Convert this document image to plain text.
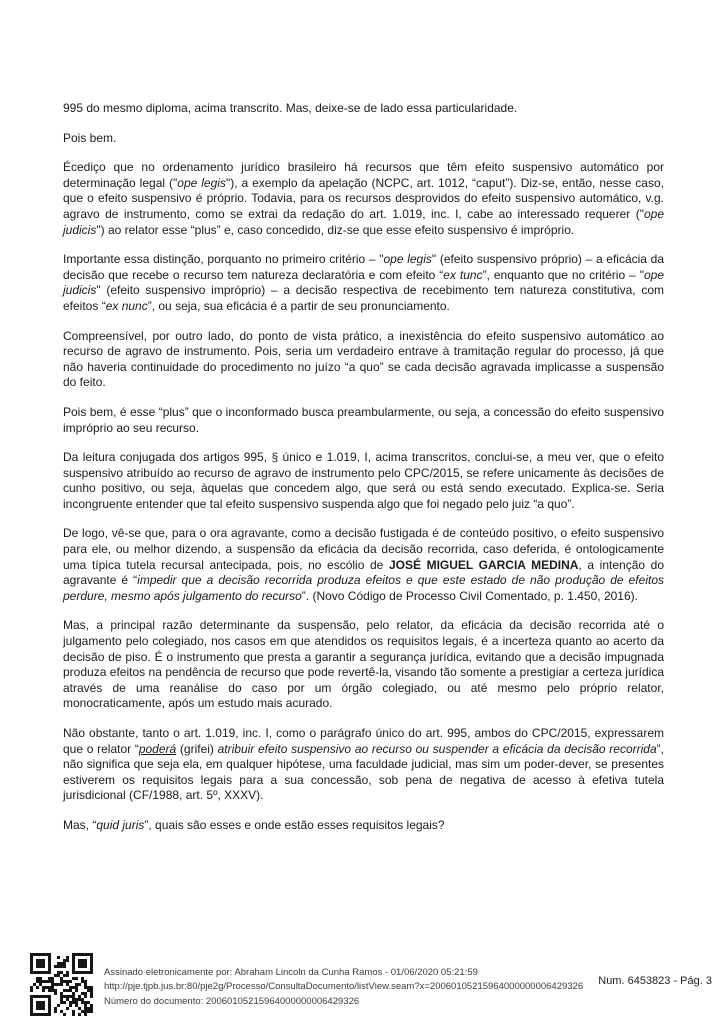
995 do mesmo diploma, acima transcrito. Mas, deixe-se de lado essa particularidade.

Pois bem.

Écediço que no ordenamento jurídico brasileiro há recursos que têm efeito suspensivo automático por determinação legal ("ope legis"), a exemplo da apelação (NCPC, art. 1012, “caput”). Diz-se, então, nesse caso, que o efeito suspensivo é próprio. Todavia, para os recursos desprovidos do efeito suspensivo automático, v.g. agravo de instrumento, como se extrai da redação do art. 1.019, inc. I, cabe ao interessado requerer ("ope judicis") ao relator esse “plus” e, caso concedido, diz-se que esse efeito suspensivo é impróprio.

Importante essa distinção, porquanto no primeiro critério – "ope legis" (efeito suspensivo próprio) – a eficácia da decisão que recebe o recurso tem natureza declaratória e com efeito “ex tunc”, enquanto que no critério – "ope judicis" (efeito suspensivo impróprio) – a decisão respectiva de recebimento tem natureza constitutiva, com efeitos “ex nunc”, ou seja, sua eficácia é a partir de seu pronunciamento.

Compreensível, por outro lado, do ponto de vista prático, a inexistência do efeito suspensivo automático ao recurso de agravo de instrumento. Pois, seria um verdadeiro entrave à tramitação regular do processo, já que não haveria continuidade do procedimento no juízo “a quo” se cada decisão agravada implicasse a suspensão do feito.

Pois bem, é esse “plus” que o inconformado busca preambularmente, ou seja, a concessão do efeito suspensivo impróprio ao seu recurso.

Da leitura conjugada dos artigos 995, § único e 1.019, I, acima transcritos, conclui-se, a meu ver, que o efeito suspensivo atribuído ao recurso de agravo de instrumento pelo CPC/2015, se refere unicamente às decisões de cunho positivo, ou seja, àquelas que concedem algo, que será ou está sendo executado. Explica-se. Seria incongruente entender que tal efeito suspensivo suspenda algo que foi negado pelo juiz “a quo”.

De logo, vê-se que, para o ora agravante, como a decisão fustigada é de conteúdo positivo, o efeito suspensivo para ele, ou melhor dizendo, a suspensão da eficácia da decisão recorrida, caso deferida, é ontologicamente uma típica tutela recursal antecipada, pois, no escólio de JOSÉ MIGUEL GARCIA MEDINA, a intenção do agravante é “impedir que a decisão recorrida produza efeitos e que este estado de não produção de efeitos perdure, mesmo após julgamento do recurso”. (Novo Código de Processo Civil Comentado, p. 1.450, 2016).

Mas, a principal razão determinante da suspensão, pelo relator, da eficácia da decisão recorrida até o julgamento pelo colegiado, nos casos em que atendidos os requisitos legais, é a incerteza quanto ao acerto da decisão de piso. É o instrumento que presta a garantir a segurança jurídica, evitando que a decisão impugnada produza efeitos na pendência de recurso que pode revertê-la, visando tão somente a prestigiar a certeza jurídica através de uma reanálise do caso por um órgão colegiado, ou até mesmo pelo próprio relator, monocraticamente, após um estudo mais acurado.

Não obstante, tanto o art. 1.019, inc. I, como o parágrafo único do art. 995, ambos do CPC/2015, expressarem que o relator “poderá (grifei) atribuir efeito suspensivo ao recurso ou suspender a eficácia da decisão recorrida”, não significa que seja ela, em qualquer hipótese, uma faculdade judicial, mas sim um poder-dever, se presentes estiverem os requisitos legais para a sua concessão, sob pena de negativa de acesso à efetiva tutela jurisdicional (CF/1988, art. 5º, XXXV).

Mas, “quid juris”, quais são esses e onde estão esses requisitos legais?

Assinado eletronicamente por: Abraham Lincoln da Cunha Ramos - 01/06/2020 05:21:59
http://pje.tjpb.jus.br:80/pje2g/Processo/ConsultaDocumento/listView.seam?x=20060105215964000000006429326
Número do documento: 20060105215964000000006429326
Num. 6453823 - Pág. 3
